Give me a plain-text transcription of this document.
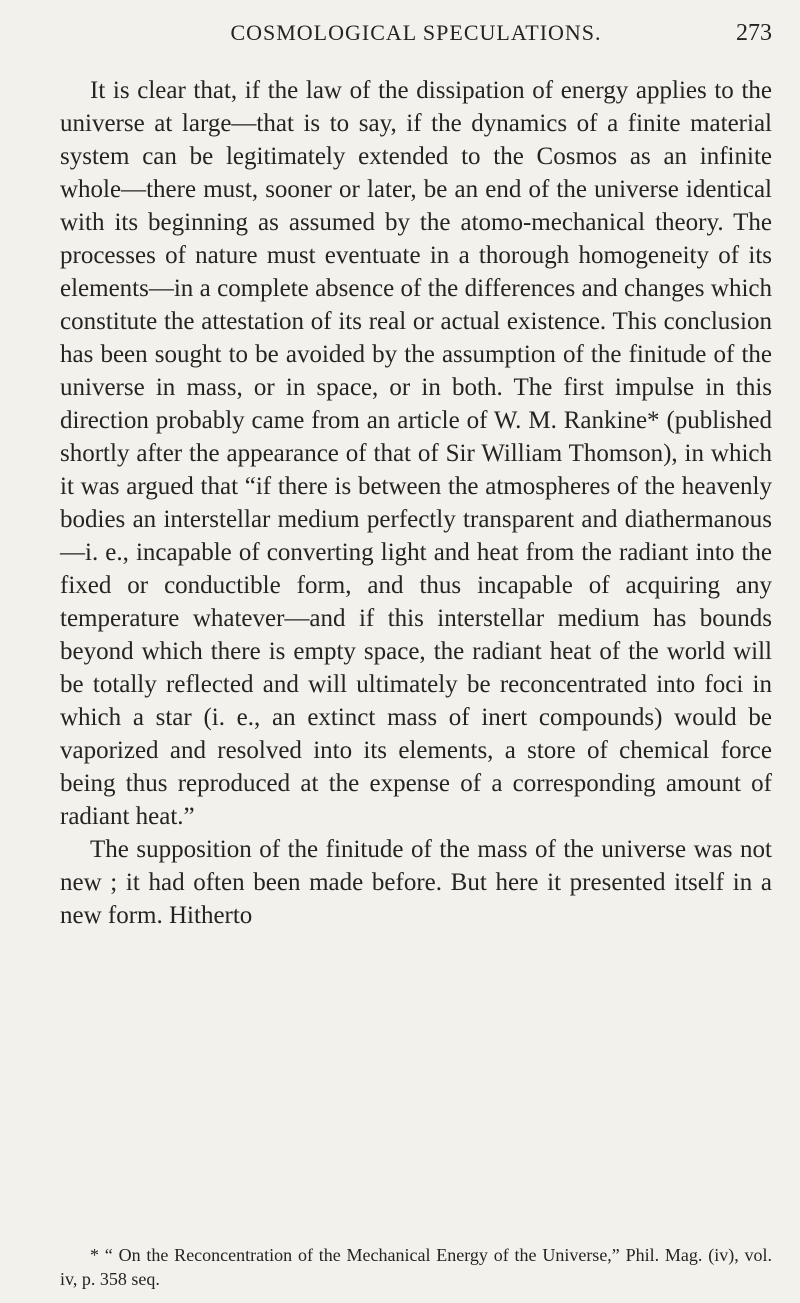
COSMOLOGICAL SPECULATIONS.	273

It is clear that, if the law of the dissipation of energy applies to the universe at large—that is to say, if the dynamics of a finite material system can be legitimately extended to the Cosmos as an infinite whole—there must, sooner or later, be an end of the universe identical with its beginning as assumed by the atomo-mechanical theory. The processes of nature must eventuate in a thorough homogeneity of its elements—in a complete absence of the differences and changes which constitute the attestation of its real or actual existence. This conclusion has been sought to be avoided by the assumption of the finitude of the universe in mass, or in space, or in both. The first impulse in this direction probably came from an article of W. M. Rankine* (published shortly after the appearance of that of Sir William Thomson), in which it was argued that “if there is between the atmospheres of the heavenly bodies an interstellar medium perfectly transparent and diathermanous—i. e., incapable of converting light and heat from the radiant into the fixed or conductible form, and thus incapable of acquiring any temperature whatever—and if this interstellar medium has bounds beyond which there is empty space, the radiant heat of the world will be totally reflected and will ultimately be reconcentrated into foci in which a star (i. e., an extinct mass of inert compounds) would be vaporized and resolved into its elements, a store of chemical force being thus reproduced at the expense of a corresponding amount of radiant heat.”

The supposition of the finitude of the mass of the universe was not new ; it had often been made before. But here it presented itself in a new form. Hitherto

* “ On the Reconcentration of the Mechanical Energy of the Universe,” Phil. Mag. (iv), vol. iv, p. 358 seq.
